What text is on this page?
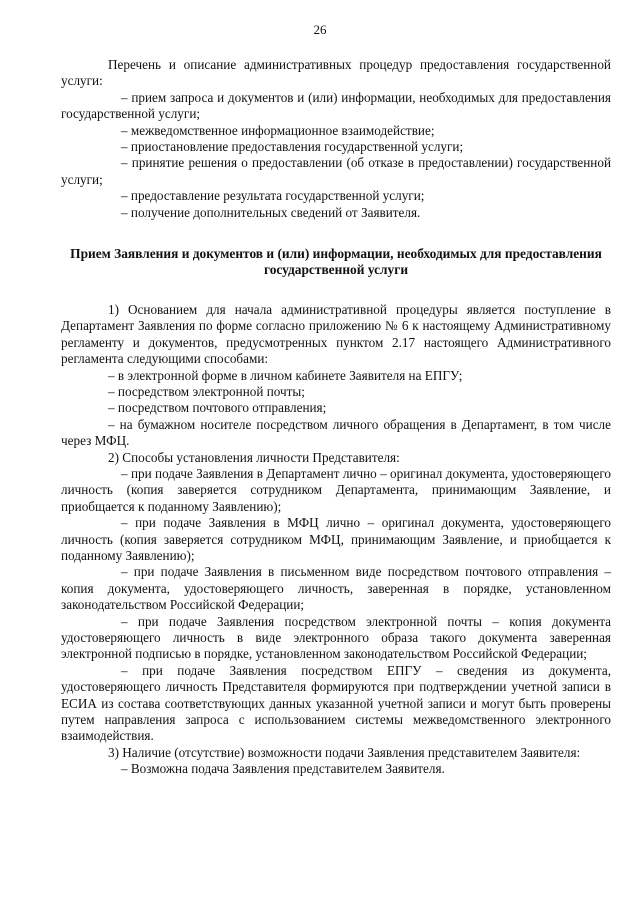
26

Перечень и описание административных процедур предоставления государственной услуги:

– прием запроса и документов и (или) информации, необходимых для предоставления государственной услуги;

– межведомственное информационное взаимодействие;

– приостановление предоставления государственной услуги;

– принятие решения о предоставлении (об отказе в предоставлении) государственной услуги;

– предоставление результата государственной услуги;

– получение дополнительных сведений от Заявителя.

Прием Заявления и документов и (или) информации, необходимых для предоставления государственной услуги

1) Основанием для начала административной процедуры является поступление в Департамент Заявления по форме согласно приложению № 6 к настоящему Административному регламенту и документов, предусмотренных пунктом 2.17 настоящего Административного регламента следующими способами:

– в электронной форме в личном кабинете Заявителя на ЕПГУ;

– посредством электронной почты;

– посредством почтового отправления;

– на бумажном носителе посредством личного обращения в Департамент, в том числе через МФЦ.

2) Способы установления личности Представителя:

– при подаче Заявления в Департамент лично – оригинал документа, удостоверяющего личность (копия заверяется сотрудником Департамента, принимающим Заявление, и приобщается к поданному Заявлению);

– при подаче Заявления в МФЦ лично – оригинал документа, удостоверяющего личность (копия заверяется сотрудником МФЦ, принимающим Заявление, и приобщается к поданному Заявлению);

– при подаче Заявления в письменном виде посредством почтового отправления – копия документа, удостоверяющего личность, заверенная в порядке, установленном законодательством Российской Федерации;

– при подаче Заявления посредством электронной почты – копия документа удостоверяющего личность в виде электронного образа такого документа заверенная электронной подписью в порядке, установленном законодательством Российской Федерации;

– при подаче Заявления посредством ЕПГУ – сведения из документа, удостоверяющего личность Представителя формируются при подтверждении учетной записи в ЕСИА из состава соответствующих данных указанной учетной записи и могут быть проверены путем направления запроса с использованием системы межведомственного электронного взаимодействия.

3) Наличие (отсутствие) возможности подачи Заявления представителем Заявителя:

– Возможна подача Заявления представителем Заявителя.
